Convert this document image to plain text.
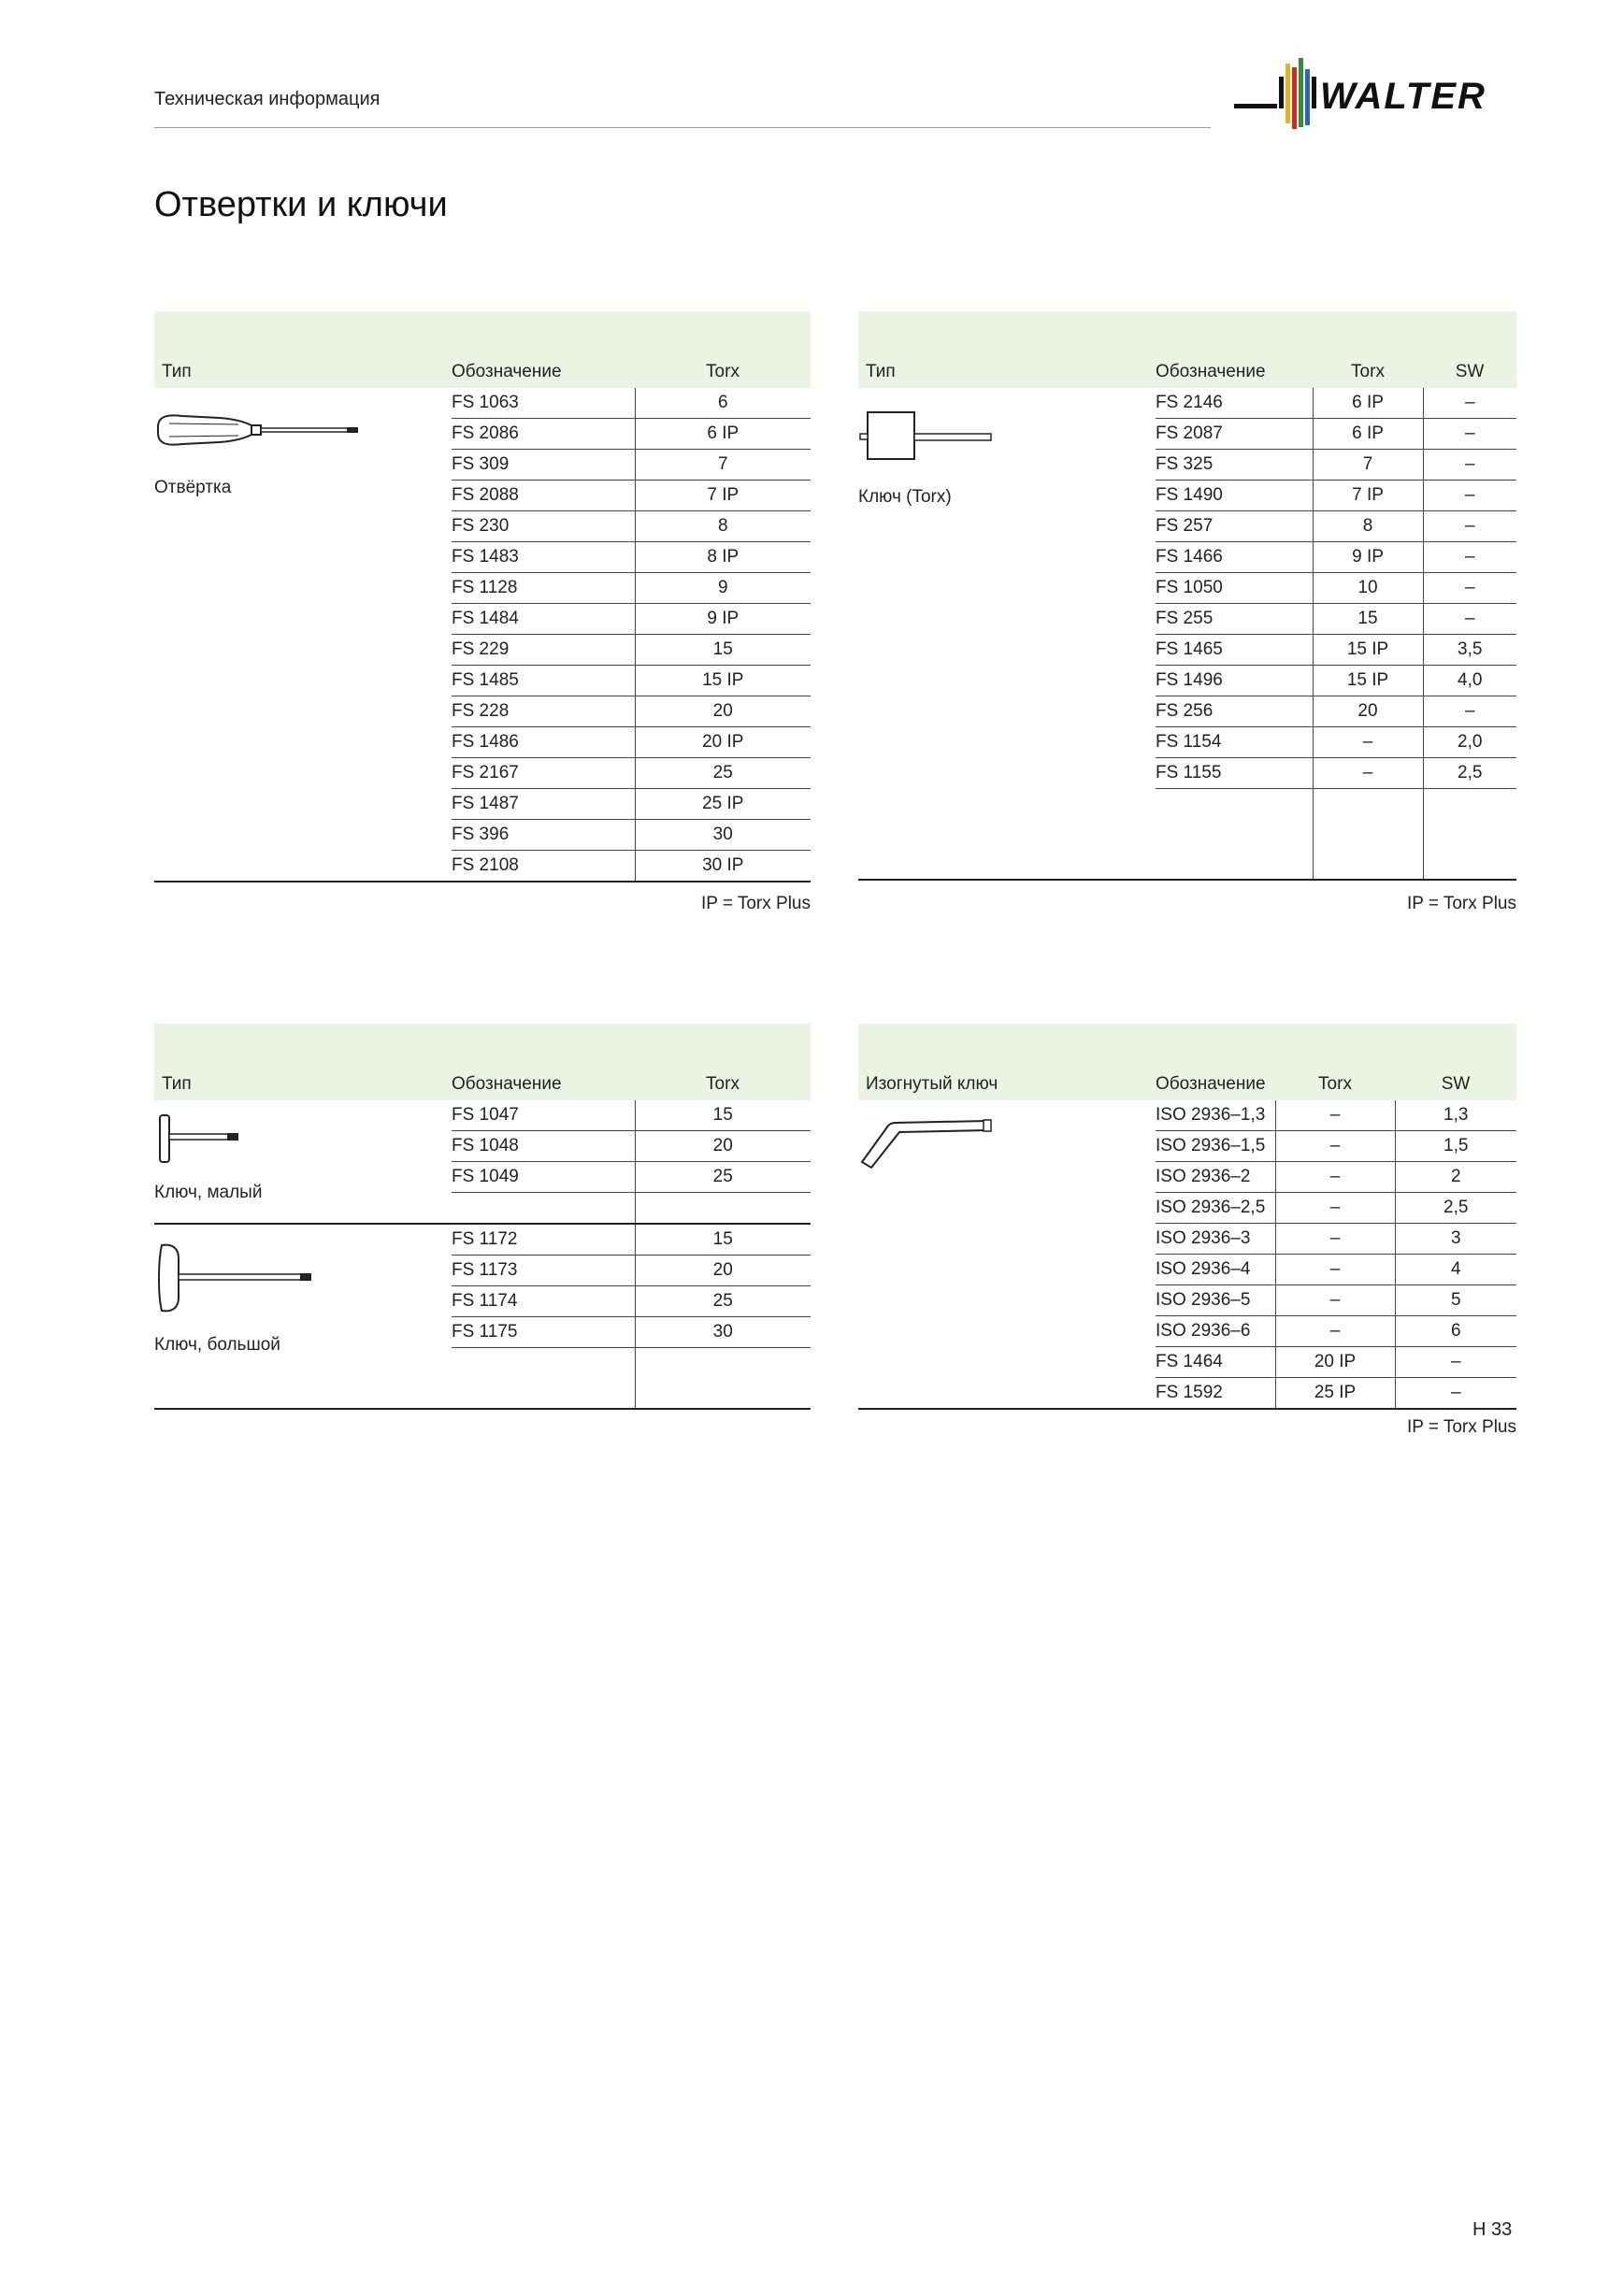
Техническая информация	WALTER
Отвертки и ключи
Тип	Обозначение	Torx

Отвёртка	FS 1063	6
	FS 2086	6 IP
	FS 309	7
	FS 2088	7 IP
	FS 230	8
	FS 1483	8 IP
	FS 1128	9
	FS 1484	9 IP
	FS 229	15
	FS 1485	15 IP
	FS 228	20
	FS 1486	20 IP
	FS 2167	25
	FS 1487	25 IP
	FS 396	30
	FS 2108	30 IP
IP = Torx Plus
Тип	Обозначение	Torx	SW

Ключ (Torx)	FS 2146	6 IP	–
	FS 2087	6 IP	–
	FS 325	7	–
	FS 1490	7 IP	–
	FS 257	8	–
	FS 1466	9 IP	–
	FS 1050	10	–
	FS 255	15	–
	FS 1465	15 IP	3,5
	FS 1496	15 IP	4,0
	FS 256	20	–
	FS 1154	–	2,0
	FS 1155	–	2,5

IP = Torx Plus
Тип	Обозначение	Torx

Ключ, малый	FS 1047	15
	FS 1048	20
	FS 1049	25

Ключ, большой	FS 1172	15
	FS 1173	20
	FS 1174	25
	FS 1175	30

Изогнутый ключ	Обозначение	Torx	SW

	ISO 2936–1,3	–	1,3
	ISO 2936–1,5	–	1,5
	ISO 2936–2	–	2
	ISO 2936–2,5	–	2,5
	ISO 2936–3	–	3
	ISO 2936–4	–	4
	ISO 2936–5	–	5
	ISO 2936–6	–	6
	FS 1464	20 IP	–
	FS 1592	25 IP	–
IP = Torx Plus
H 33
